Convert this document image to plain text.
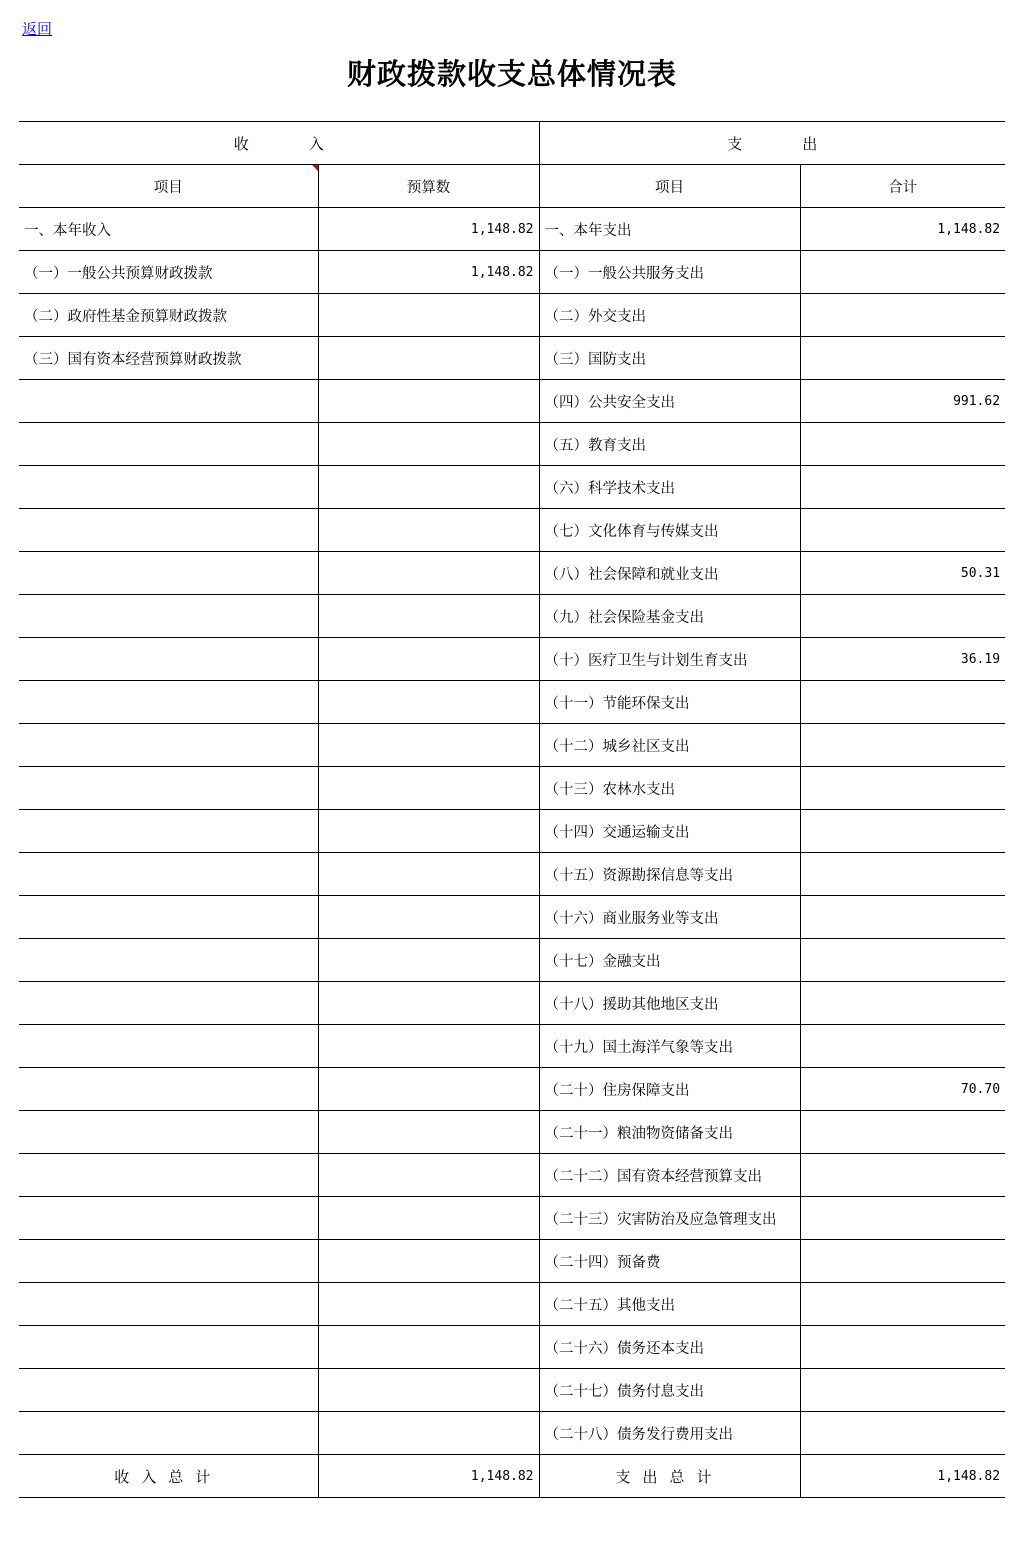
返回
财政拨款收支总体情况表
收　　　　入		支　　　　出	
项目	预算数	项目	合计
一、本年收入	1,148.82	一、本年支出	1,148.82
（一）一般公共预算财政拨款	1,148.82	（一）一般公共服务支出	
（二）政府性基金预算财政拨款		（二）外交支出	
（三）国有资本经营预算财政拨款		（三）国防支出	
		（四）公共安全支出	991.62
		（五）教育支出	
		（六）科学技术支出	
		（七）文化体育与传媒支出	
		（八）社会保障和就业支出	50.31
		（九）社会保险基金支出	
		（十）医疗卫生与计划生育支出	36.19
		（十一）节能环保支出	
		（十二）城乡社区支出	
		（十三）农林水支出	
		（十四）交通运输支出	
		（十五）资源勘探信息等支出	
		（十六）商业服务业等支出	
		（十七）金融支出	
		（十八）援助其他地区支出	
		（十九）国土海洋气象等支出	
		（二十）住房保障支出	70.70
		（二十一）粮油物资储备支出	
		（二十二）国有资本经营预算支出	
		（二十三）灾害防治及应急管理支出	
		（二十四）预备费	
		（二十五）其他支出	
		（二十六）债务还本支出	
		（二十七）债务付息支出	
		（二十八）债务发行费用支出	
收入总计	1,148.82	支出总计	1,148.82
